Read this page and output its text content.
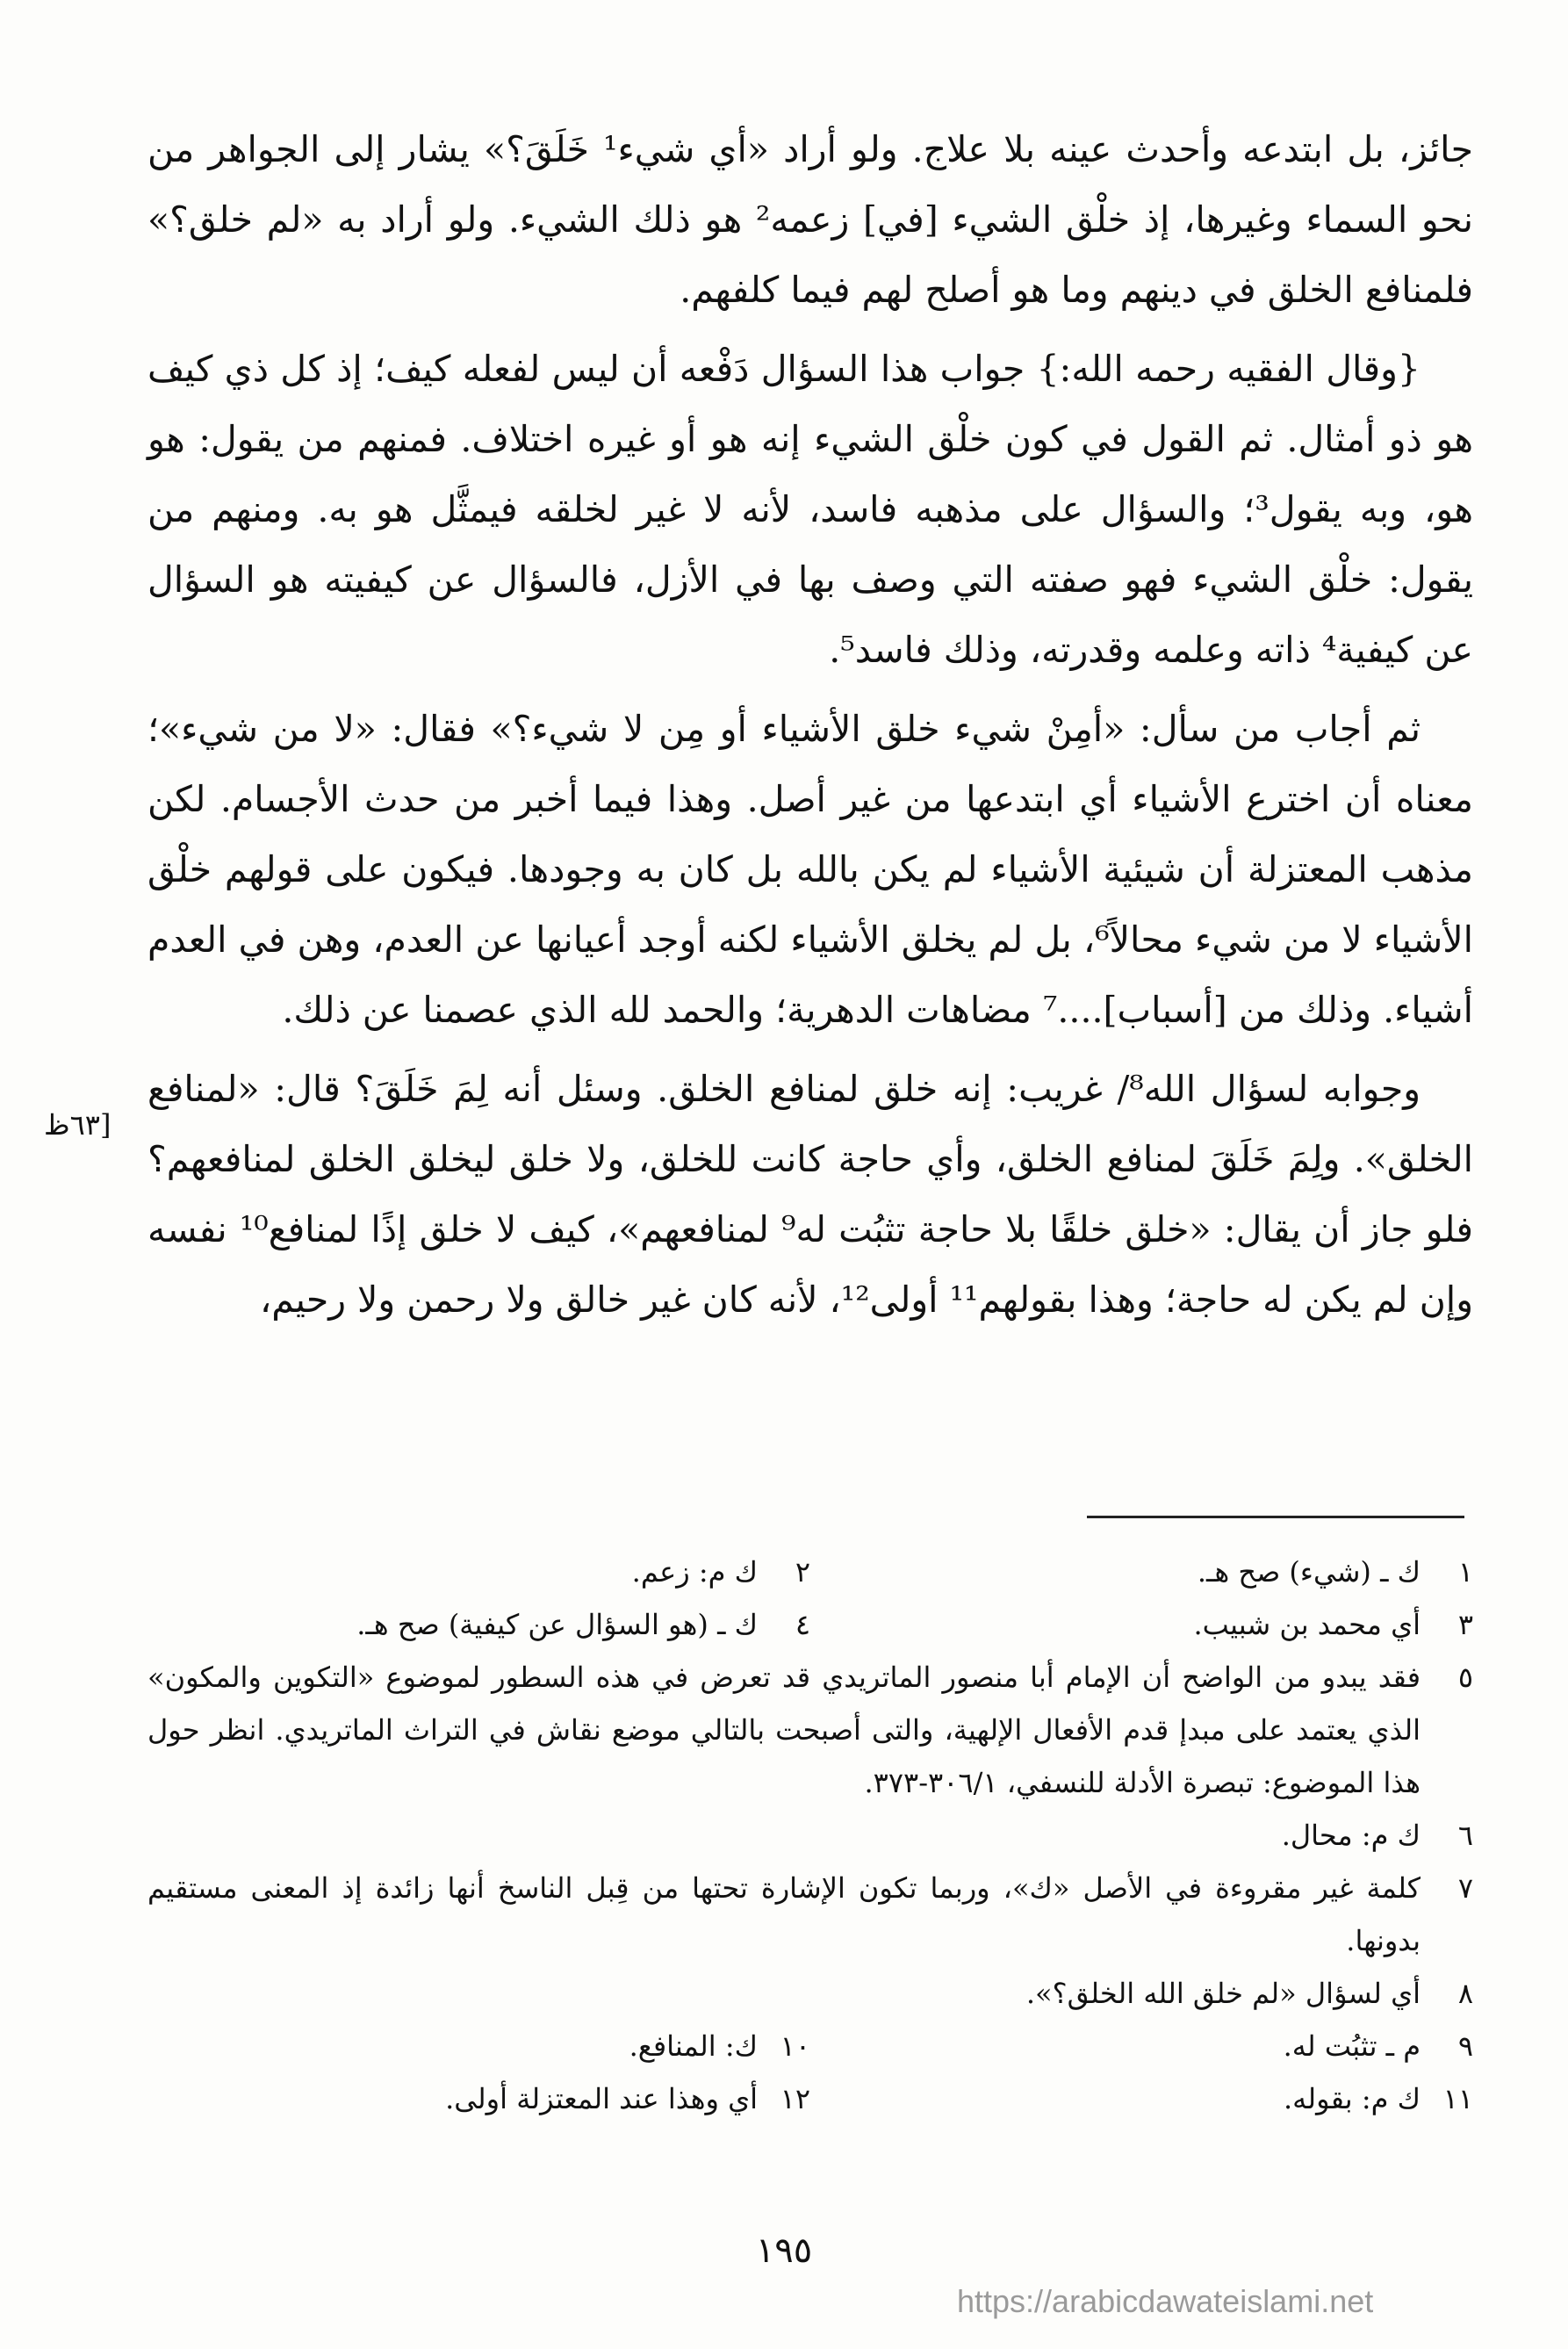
جائز، بل ابتدعه وأحدث عينه بلا علاج. ولو أراد «أي شيء¹ خَلَقَ؟» يشار إلى الجواهر من نحو السماء وغيرها، إذ خلْق الشيء [في] زعمه² هو ذلك الشيء. ولو أراد به «لم خلق؟» فلمنافع الخلق في دينهم وما هو أصلح لهم فيما كلفهم.

{وقال الفقيه رحمه الله:} جواب هذا السؤال دَفْعه أن ليس لفعله كيف؛ إذ كل ذي كيف هو ذو أمثال. ثم القول في كون خلْق الشيء إنه هو أو غيره اختلاف. فمنهم من يقول: هو هو، وبه يقول³؛ والسؤال على مذهبه فاسد، لأنه لا غير لخلقه فيمثَّل هو به. ومنهم من يقول: خلْق الشيء فهو صفته التي وصف بها في الأزل، فالسؤال عن كيفيته هو السؤال عن كيفية⁴ ذاته وعلمه وقدرته، وذلك فاسد⁵.

ثم أجاب من سأل: «أمِنْ شيء خلق الأشياء أو مِن لا شيء؟» فقال: «لا من شيء»؛ معناه أن اخترع الأشياء أي ابتدعها من غير أصل. وهذا فيما أخبر من حدث الأجسام. لكن مذهب المعتزلة أن شيئية الأشياء لم يكن بالله بل كان به وجودها. فيكون على قولهم خلْق الأشياء لا من شيء محالاً⁶، بل لم يخلق الأشياء لكنه أوجد أعيانها عن العدم، وهن في العدم أشياء. وذلك من [أسباب]....⁷ مضاهات الدهرية؛ والحمد لله الذي عصمنا عن ذلك.

وجوابه لسؤال الله⁸/ غريب: إنه خلق لمنافع الخلق. وسئل أنه لِمَ خَلَقَ؟ قال: «لمنافع الخلق». ولِمَ خَلَقَ لمنافع الخلق، وأي حاجة كانت للخلق، ولا خلق ليخلق الخلق لمنافعهم؟ فلو جاز أن يقال: «خلق خلقًا بلا حاجة تثبُت له⁹ لمنافعهم»، كيف لا خلق إذًا لمنافع¹⁰ نفسه وإن لم يكن له حاجة؛ وهذا بقولهم¹¹ أولى¹²، لأنه كان غير خالق ولا رحمن ولا رحيم،

[٦٣ظ
١
ك ـ (شيء) صح هـ.
٢
ك م: زعم.
٣
أي محمد بن شبيب.
٤
ك ـ (هو السؤال عن كيفية) صح هـ.
٥
فقد يبدو من الواضح أن الإمام أبا منصور الماتريدي قد تعرض في هذه السطور لموضوع «التكوين والمكون» الذي يعتمد على مبدإ قدم الأفعال الإلهية، والتى أصبحت بالتالي موضع نقاش في التراث الماتريدي. انظر حول هذا الموضوع: تبصرة الأدلة للنسفي، ٣٠٦/١-٣٧٣.
٦
ك م: محال.
٧
كلمة غير مقروءة في الأصل «ك»، وربما تكون الإشارة تحتها من قِبل الناسخ أنها زائدة إذ المعنى مستقيم بدونها.
٨
أي لسؤال «لم خلق الله الخلق؟».
٩
م ـ تثبُت له.
١٠
ك: المنافع.
١١
ك م: بقوله.
١٢
أي وهذا عند المعتزلة أولى.
١٩٥
https://arabicdawateislami.net
